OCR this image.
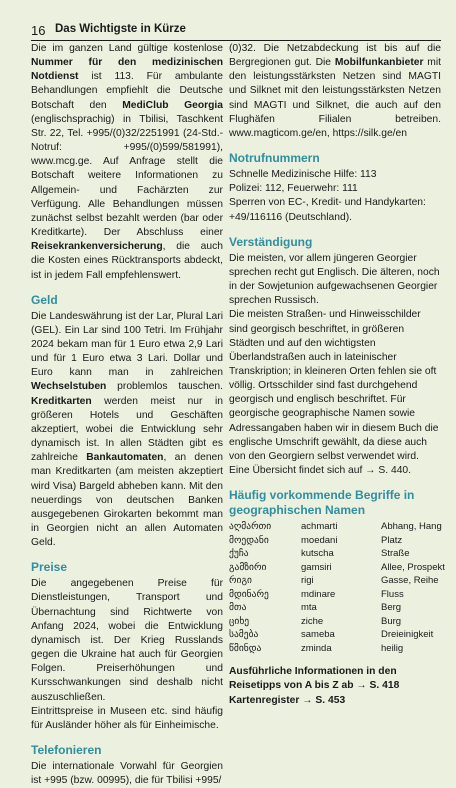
16 Das Wichtigste in Kürze

Die im ganzen Land gültige kostenlose Nummer für den medizinischen Notdienst ist 113. Für ambulante Behandlungen empfiehlt die Deutsche Botschaft den MediClub Georgia (englischsprachig) in Tbilisi, Taschkent Str. 22, Tel. +995/(0)32/2251991 (24-Std.-Notruf: +995/(0)599/581991), www.mcg.ge. Auf Anfrage stellt die Botschaft weitere Informationen zu Allgemein- und Fachärzten zur Verfügung. Alle Behandlungen müssen zunächst selbst bezahlt werden (bar oder Kreditkarte). Der Abschluss einer Reisekrankenversicherung, die auch die Kosten eines Rücktransports abdeckt, ist in jedem Fall empfehlenswert.

Geld

Die Landeswährung ist der Lar, Plural Lari (GEL). Ein Lar sind 100 Tetri. Im Frühjahr 2024 bekam man für 1 Euro etwa 2,9 Lari und für 1 Euro etwa 3 Lari. Dollar und Euro kann man in zahlreichen Wechselstuben problemlos tauschen. Kreditkarten werden meist nur in größeren Hotels und Geschäften akzeptiert, wobei die Entwicklung sehr dynamisch ist. In allen Städten gibt es zahlreiche Bankautomaten, an denen man Kreditkarten (am meisten akzeptiert wird Visa) Bargeld abheben kann. Mit den neuerdings von deutschen Banken ausgegebenen Girokarten bekommt man in Georgien nicht an allen Automaten Geld.

Preise

Die angegebenen Preise für Dienstleistungen, Transport und Übernachtung sind Richtwerte von Anfang 2024, wobei die Entwicklung dynamisch ist. Der Krieg Russlands gegen die Ukraine hat auch für Georgien Folgen. Preiserhöhungen und Kursschwankungen sind deshalb nicht auszuschließen.

Eintrittspreise in Museen etc. sind häufig für Ausländer höher als für Einheimische.

Telefonieren

Die internationale Vorwahl für Georgien ist +995 (bzw. 00995), die für Tbilisi +995/

(0)32. Die Netzabdeckung ist bis auf die Bergregionen gut. Die Mobilfunkanbieter mit den leistungsstärksten Netzen sind MAGTI und Silknet mit den leistungsstärksten Netzen sind MAGTI und Silknet, die auch auf den Flughäfen Filialen betreiben. www.magticom.ge/en, https://silk.ge/en

Notrufnummern

Schnelle Medizinische Hilfe: 113

Polizei: 112, Feuerwehr: 111

Sperren von EC-, Kredit- und Handykarten: +49/116116 (Deutschland).

Verständigung

Die meisten, vor allem jüngeren Georgier sprechen recht gut Englisch. Die älteren, noch in der Sowjetunion aufgewachsenen Georgier sprechen Russisch.

Die meisten Straßen- und Hinweisschilder sind georgisch beschriftet, in größeren Städten und auf den wichtigsten Überlandstraßen auch in lateinischer Transkription; in kleineren Orten fehlen sie oft völlig. Ortsschilder sind fast durchgehend georgisch und englisch beschriftet. Für georgische geographische Namen sowie Adressangaben haben wir in diesem Buch die englische Umschrift gewählt, da diese auch von den Georgiern selbst verwendet wird.

Eine Übersicht findet sich auf → S. 440.

Häufig vorkommende Begriffe in geographischen Namen
აღმართი	achmarti	Abhang, Hang
მოედანი	moedani	Platz
ქუჩა	kutscha	Straße
გამზირი	gamsiri	Allee, Prospekt
რიგი	rigi	Gasse, Reihe
მდინარე	mdinare	Fluss
მთა	mta	Berg
ციხე	ziche	Burg
სამება	sameba	Dreieinigkeit
წმინდა	zminda	heilig

Ausführliche Informationen in den Reisetipps von A bis Z ab → S. 418

Kartenregister → S. 453
